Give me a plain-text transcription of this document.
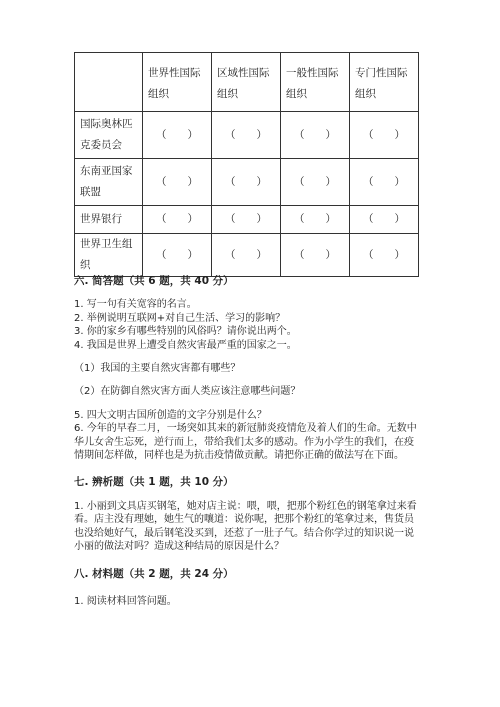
	世界性国际组织	区域性国际组织	一般性国际组织	专门性国际组织
国际奥林匹克委员会	（　　）	（　　）	（　　）	（　　）
东南亚国家联盟	（　　）	（　　）	（　　）	（　　）
世界银行	（　　）	（　　）	（　　）	（　　）
世界卫生组织	（　　）	（　　）	（　　）	（　　）

六. 简答题（共 6 题，共 40 分）

1. 写一句有关宽容的名言。

2. 举例说明互联网+对自己生活、学习的影响？

3. 你的家乡有哪些特别的风俗吗？请你说出两个。

4. 我国是世界上遭受自然灾害最严重的国家之一。

（1）我国的主要自然灾害都有哪些？

（2）在防御自然灾害方面人类应该注意哪些问题？

5. 四大文明古国所创造的文字分别是什么？

6. 今年的早春二月，一场突如其来的新冠肺炎疫情危及着人们的生命。无数中

华儿女舍生忘死，逆行而上，带给我们太多的感动。作为小学生的我们，在疫

情期间怎样做，同样也是为抗击疫情做贡献。请把你正确的做法写在下面。

七. 辨析题（共 1 题，共 10 分）

1. 小丽到文具店买钢笔，她对店主说：喂，喂，把那个粉红色的钢笔拿过来看

看。店主没有理她，她生气的嚷道：说你呢，把那个粉红的笔拿过来，售货员

也没给她好气，最后钢笔没买到，还惹了一肚子气。结合你学过的知识说一说

小丽的做法对吗？造成这种结局的原因是什么？

八. 材料题（共 2 题，共 24 分）

1. 阅读材料回答问题。
